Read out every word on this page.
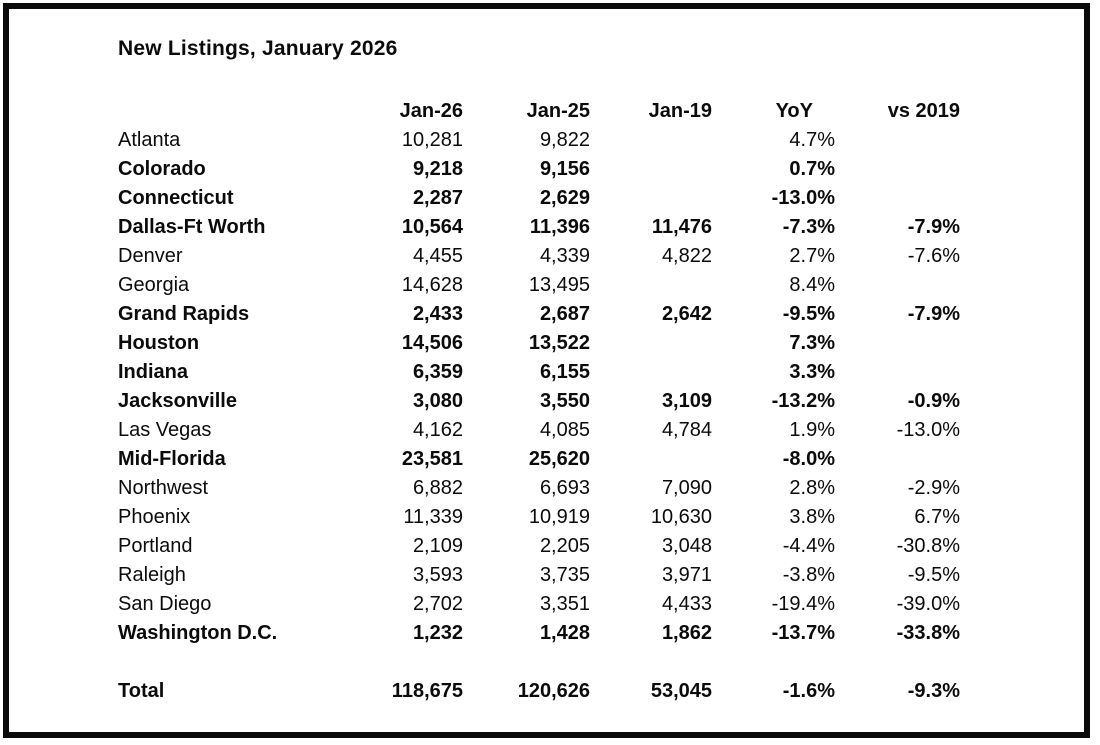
New Listings, January 2026
	Jan-26	Jan-25	Jan-19	YoY	vs 2019
Atlanta	10,281	9,822		4.7%	
Colorado	9,218	9,156		0.7%	
Connecticut	2,287	2,629		-13.0%	
Dallas-Ft Worth	10,564	11,396	11,476	-7.3%	-7.9%
Denver	4,455	4,339	4,822	2.7%	-7.6%
Georgia	14,628	13,495		8.4%	
Grand Rapids	2,433	2,687	2,642	-9.5%	-7.9%
Houston	14,506	13,522		7.3%	
Indiana	6,359	6,155		3.3%	
Jacksonville	3,080	3,550	3,109	-13.2%	-0.9%
Las Vegas	4,162	4,085	4,784	1.9%	-13.0%
Mid-Florida	23,581	25,620		-8.0%	
Northwest	6,882	6,693	7,090	2.8%	-2.9%
Phoenix	11,339	10,919	10,630	3.8%	6.7%
Portland	2,109	2,205	3,048	-4.4%	-30.8%
Raleigh	3,593	3,735	3,971	-3.8%	-9.5%
San Diego	2,702	3,351	4,433	-19.4%	-39.0%
Washington D.C.	1,232	1,428	1,862	-13.7%	-33.8%

Total	118,675	120,626	53,045	-1.6%	-9.3%
